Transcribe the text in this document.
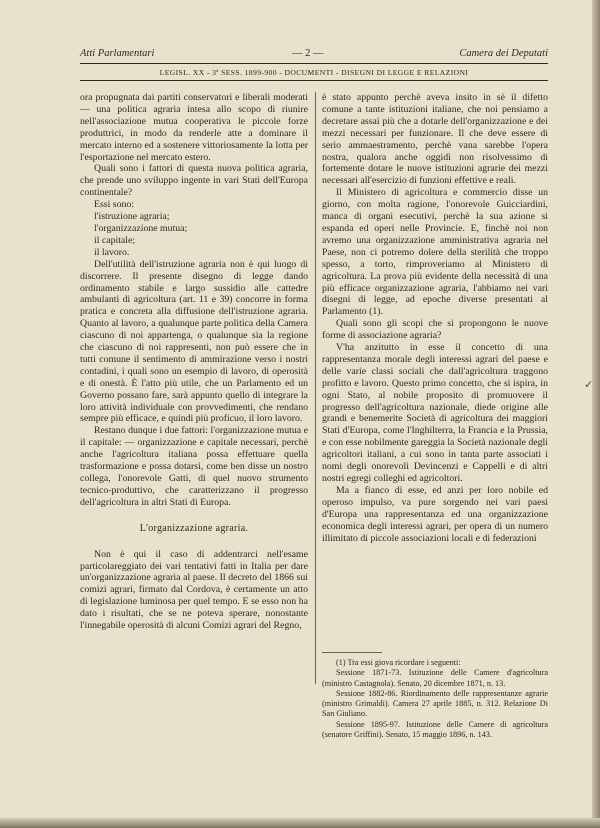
Atti Parlamentari	— 2 —	Camera dei Deputati
LEGISL. XX - 3ª SESS. 1899-900 - DOCUMENTI - DISEGNI DI LEGGE E RELAZIONI

ora propugnata dai partiti conservatori e liberali moderati — una politica agraria intesa allo scopo di riunire nell'associazione mutua cooperativa le piccole forze produttrici, in modo da renderle atte a dominare il mercato interno ed a sostenere vittoriosamente la lotta per l'esportazione nel mercato estero.

Quali sono i fattori di questa nuova politica agraria, che prende uno sviluppo ingente in vari Stati dell'Europa continentale?

Essi sono:

l'istruzione agraria;
l'organizzazione mutua;
il capitale;
il lavoro.

Dell'utilità dell'istruzione agraria non è qui luogo di discorrere. Il presente disegno di legge dando ordinamento stabile e largo sussidio alle cattedre ambulanti di agricoltura (art. 11 e 39) concorre in forma pratica e concreta alla diffusione dell'istruzione agraria. Quanto al lavoro, a qualunque parte politica della Camera ciascuno di noi appartenga, o qualunque sia la regione che ciascuno di noi rappresenti, non può essere che in tutti comune il sentimento di ammirazione verso i nostri contadini, i quali sono un esempio di lavoro, di operosità e di onestà. È l'atto più utile, che un Parlamento ed un Governo possano fare, sarà appunto quello di integrare la loro attività individuale con provvedimenti, che rendano sempre più efficace, e quindi più proficuo, il loro lavoro.

Restano dunque i due fattori: l'organizzazione mutua e il capitale: — organizzazione e capitale necessari, perchè anche l'agricoltura italiana possa effettuare quella trasformazione e possa dotarsi, come ben disse un nostro collega, l'onorevole Gatti, di quel nuovo strumento tecnico-produttivo, che caratterizzano il progresso dell'agricoltura in altri Stati di Europa.

L'organizzazione agraria.

Non è qui il caso di addentrarci nell'esame particolareggiato dei vari tentativi fatti in Italia per dare un'organizzazione agraria al paese. Il decreto del 1866 sui comizi agrari, firmato dal Cordova, è certamente un atto di legislazione luminosa per quel tempo. E se esso non ha dato i risultati, che se ne poteva sperare, nonostante l'innegabile operosità di alcuni Comizi agrari del Regno,

è stato appunto perchè aveva insito in sè il difetto comune a tante istituzioni italiane, che noi pensiamo a decretare assai più che a dotarle dell'organizzazione e dei mezzi necessari per funzionare. Il che deve essere di serio ammaestramento, perchè vana sarebbe l'opera nostra, qualora anche oggidì non risolvessimo di fortemente dotare le nuove istituzioni agrarie dei mezzi necessari all'esercizio di funzioni effettive e reali.

Il Ministero di agricoltura e commercio disse un giorno, con molta ragione, l'onorevole Guicciardini, manca di organi esecutivi, perchè la sua azione si espanda ed operi nelle Provincie. E, finchè noi non avremo una organizzazione amministrativa agraria nel Paese, non ci potremo dolere della sterilità che troppo spesso, a torto, rimproveriamo al Ministero di agricoltura. La prova più evidente della necessità di una più efficace organizzazione agraria, l'abbiamo nei vari disegni di legge, ad epoche diverse presentati al Parlamento (1).

Quali sono gli scopi che si propongono le nuove forme di associazione agraria?

V'ha anzitutto in esse il concetto di una rappresentanza morale degli interessi agrari del paese e delle varie classi sociali che dall'agricoltura traggono profitto e lavoro. Questo primo concetto, che si ispira, in ogni Stato, al nobile proposito di promuovere il progresso dell'agricoltura nazionale, diede origine alle grandi e benemerite Società di agricoltura dei maggiori Stati d'Europa, come l'Inghilterra, la Francia e la Prussia, e con esse nobilmente gareggia la Società nazionale degli agricoltori italiani, a cui sono in tanta parte associati i nomi degli onorevoli Devincenzi e Cappelli e di altri nostri egregi colleghi ed agricoltori.

Ma a fianco di esse, ed anzi per loro nobile ed operoso impulso, va pure sorgendo nei vari paesi d'Europa una rappresentanza ed una organizzazione economica degli interessi agrari, per opera di un numero illimitato di piccole associazioni locali e di federazioni

(1) Tra essi giova ricordare i seguenti:

Sessione 1871-73. Istituzione delle Camere d'agricoltura (ministro Castagnola). Senato, 20 dicembre 1871, n. 13.

Sessione 1882-86. Riordinamento delle rappresentanze agrarie (ministro Grimaldi). Camera 27 aprile 1885, n. 312. Relazione Di San Giuliano.

Sessione 1895-97. Istituzione delle Camere di agricoltura (senatore Griffini). Senato, 15 maggio 1896, n. 143.

✓
